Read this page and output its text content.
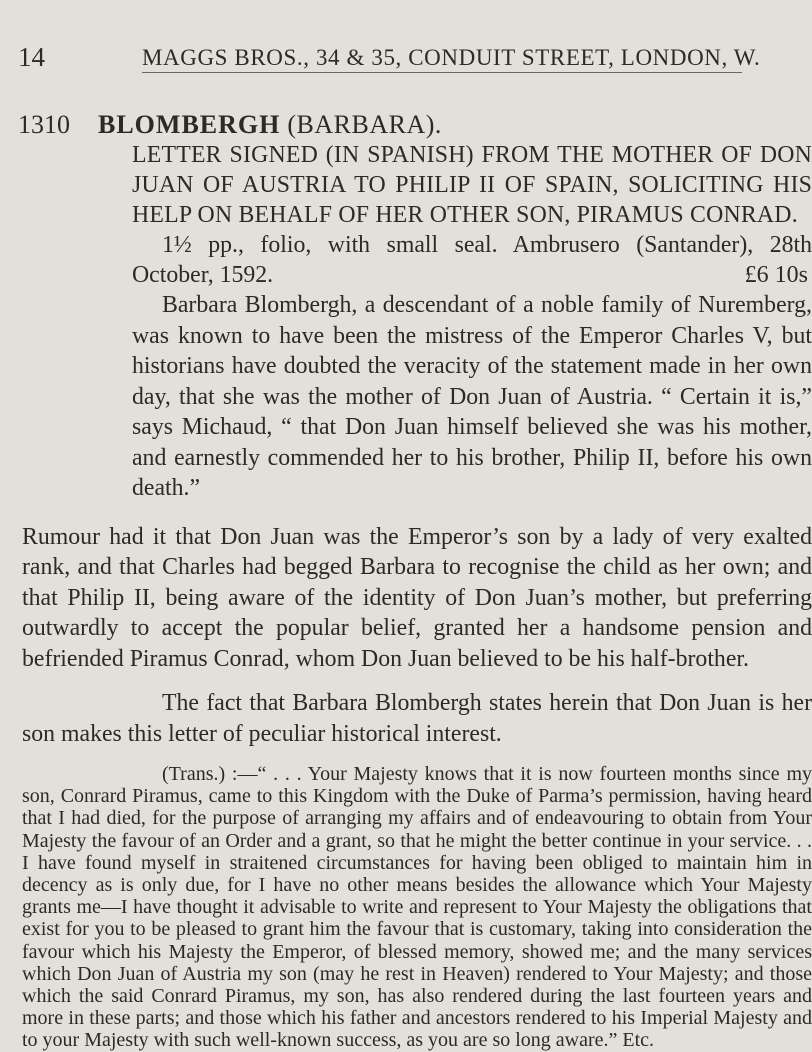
14	MAGGS BROS., 34 & 35, CONDUIT STREET, LONDON, W.
1310 BLOMBERGH (BARBARA).

LETTER SIGNED (IN SPANISH) FROM THE MOTHER OF DON JUAN OF AUSTRIA TO PHILIP II OF SPAIN, SOLICITING HIS HELP ON BEHALF OF HER OTHER SON, PIRAMUS CONRAD.

1½ pp., folio, with small seal. Ambrusero (Santander), 28th October, 1592.	£6 10s

Barbara Blombergh, a descendant of a noble family of Nuremberg, was known to have been the mistress of the Emperor Charles V, but historians have doubted the veracity of the statement made in her own day, that she was the mother of Don Juan of Austria. “ Certain it is,” says Michaud, “ that Don Juan himself believed she was his mother, and earnestly commended her to his brother, Philip II, before his own death.”

Rumour had it that Don Juan was the Emperor’s son by a lady of very exalted rank, and that Charles had begged Barbara to recognise the child as her own; and that Philip II, being aware of the identity of Don Juan’s mother, but preferring outwardly to accept the popular belief, granted her a handsome pension and befriended Piramus Conrad, whom Don Juan believed to be his half-brother.

The fact that Barbara Blombergh states herein that Don Juan is her son makes this letter of peculiar historical interest.

(Trans.) :—“ . . . Your Majesty knows that it is now fourteen months since my son, Conrard Piramus, came to this Kingdom with the Duke of Parma’s permission, having heard that I had died, for the purpose of arranging my affairs and of endeavouring to obtain from Your Majesty the favour of an Order and a grant, so that he might the better continue in your service. . . I have found myself in straitened circumstances for having been obliged to maintain him in decency as is only due, for I have no other means besides the allowance which Your Majesty grants me—I have thought it advisable to write and represent to Your Majesty the obligations that exist for you to be pleased to grant him the favour that is customary, taking into consideration the favour which his Majesty the Emperor, of blessed memory, showed me; and the many services which Don Juan of Austria my son (may he rest in Heaven) rendered to Your Majesty; and those which the said Conrard Piramus, my son, has also rendered during the last fourteen years and more in these parts; and those which his father and ancestors rendered to his Imperial Majesty and to your Majesty with such well-known success, as you are so long aware.” Etc.
